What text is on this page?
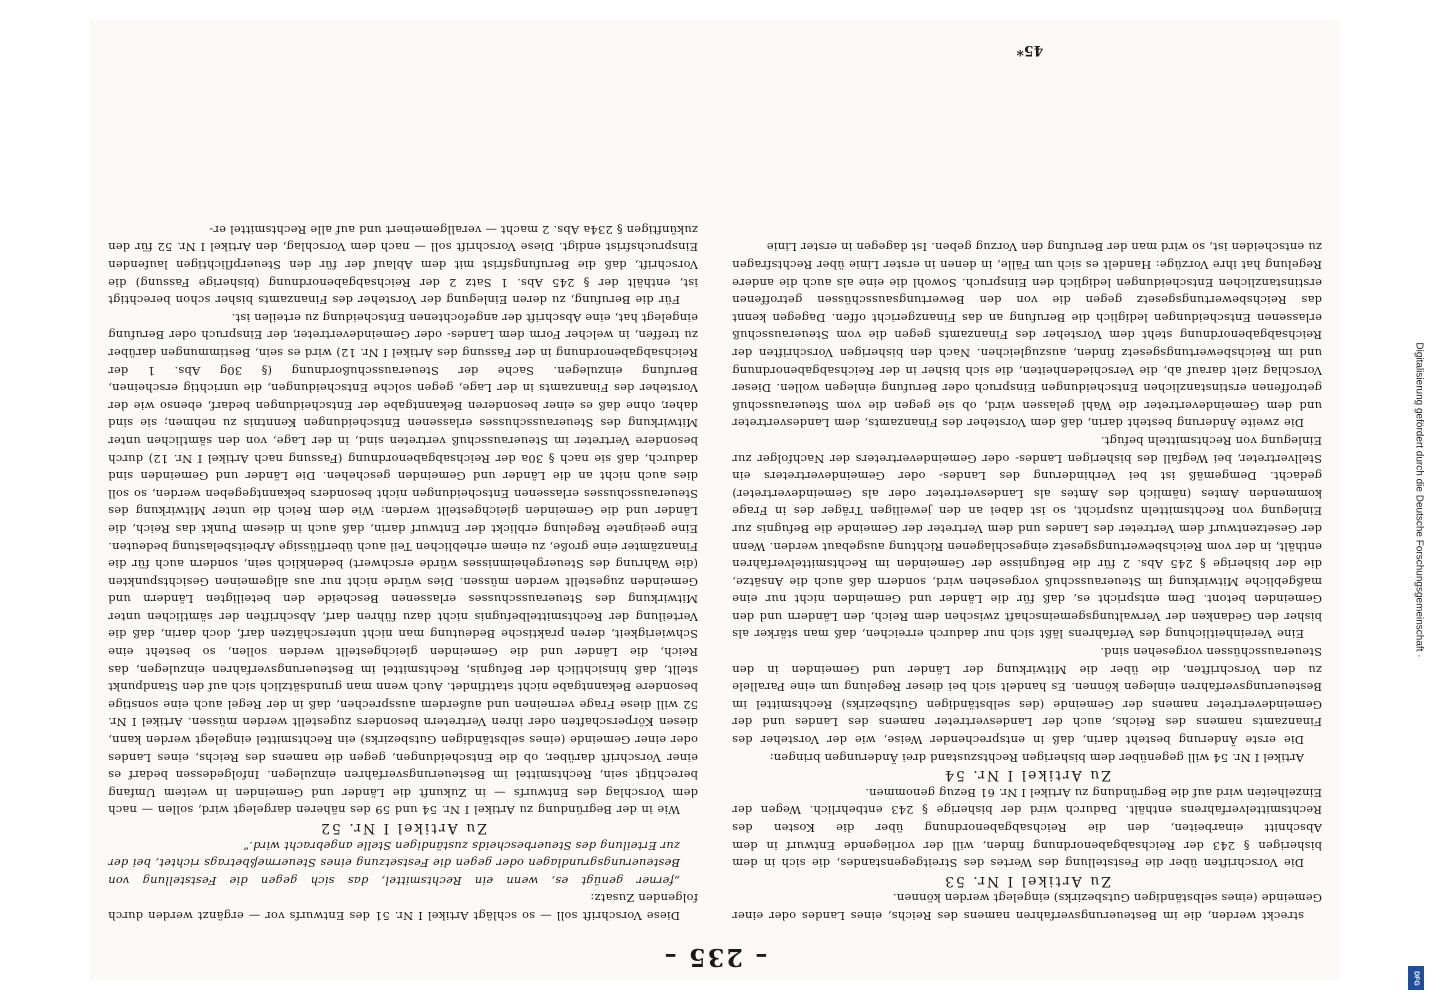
– 235 –

streckt werden, die im Besteuerungsverfahren namens des Reichs, eines Landes oder einer Gemeinde (eines selbständigen Gutsbezirks) eingelegt werden können.

Zu Artikel I Nr. 53

Die Vorschriften über die Feststellung des Wertes des Streitgegenstandes, die sich in dem bisherigen § 243 der Reichsabgabenordnung finden, will der vorliegende Entwurf in dem Abschnitt einarbeiten, den die Reichsabgabenordnung über die Kosten des Rechtsmittelverfahrens enthält. Dadurch wird der bisherige § 243 entbehrlich. Wegen der Einzelheiten wird auf die Begründung zu Artikel I Nr. 61 Bezug genommen.

Zu Artikel I Nr. 54

Artikel I Nr. 54 will gegenüber dem bisherigen Rechtszustand drei Änderungen bringen:

Die erste Änderung besteht darin, daß in entsprechender Weise, wie der Vorsteher des Finanzamts namens des Reichs, auch der Landesvertreter namens des Landes und der Gemeindevertreter namens der Gemeinde (des selbständigen Gutsbezirks) Rechtsmittel im Besteuerungsverfahren einlegen können. Es handelt sich bei dieser Regelung um eine Parallele zu den Vorschriften, die über die Mitwirkung der Länder und Gemeinden in den Steuerausschüssen vorgesehen sind.

Eine Vereinheitlichung des Verfahrens läßt sich nur dadurch erreichen, daß man stärker als bisher den Gedanken der Verwaltungsgemeinschaft zwischen dem Reich, den Ländern und den Gemeinden betont. Dem entspricht es, daß für die Länder und Gemeinden nicht nur eine maßgebliche Mitwirkung im Steuerausschuß vorgesehen wird, sondern daß auch die Ansätze, die der bisherige § 245 Abs. 2 für die Befugnisse der Gemeinden im Rechtsmittelverfahren enthält, in der vom Reichsbewertungsgesetz eingeschlagenen Richtung ausgebaut werden. Wenn der Gesetzentwurf dem Vertreter des Landes und dem Vertreter der Gemeinde die Befugnis zur Einlegung von Rechtsmitteln zuspricht, so ist dabei an den jeweiligen Träger des in Frage kommenden Amtes (nämlich des Amtes als Landesvertreter oder als Gemeindevertreter) gedacht. Demgemäß ist bei Verhinderung des Landes- oder Gemeindevertreters ein Stellvertreter, bei Wegfall des bisherigen Landes- oder Gemeindevertreters der Nachfolger zur Einlegung von Rechtsmitteln befugt.

Die zweite Änderung besteht darin, daß dem Vorsteher des Finanzamts, dem Landesvertreter und dem Gemeindevertreter die Wahl gelassen wird, ob sie gegen die vom Steuerausschuß getroffenen erstinstanzlichen Entscheidungen Einspruch oder Berufung einlegen wollen. Dieser Vorschlag zielt darauf ab, die Verschiedenheiten, die sich bisher in der Reichsabgabenordnung und im Reichsbewertungsgesetz finden, auszugleichen. Nach den bisherigen Vorschriften der Reichsabgabenordnung steht dem Vorsteher des Finanzamts gegen die vom Steuerausschuß erlassenen Entscheidungen lediglich die Berufung an das Finanzgericht offen. Dagegen kennt das Reichsbewertungsgesetz gegen die von den Bewertungsausschüssen getroffenen erstinstanzlichen Entscheidungen lediglich den Einspruch. Sowohl die eine als auch die andere Regelung hat ihre Vorzüge: Handelt es sich um Fälle, in denen in erster Linie über Rechtsfragen zu entscheiden ist, so wird man der Berufung den Vorzug geben. Ist dagegen in erster Linie

Diese Vorschrift soll — so schlägt Artikel I Nr. 51 des Entwurfs vor — ergänzt werden durch folgenden Zusatz:

„ferner genügt es, wenn ein Rechtsmittel, das sich gegen die Feststellung von Besteuerungsgrundlagen oder gegen die Festsetzung eines Steuermeßbetrags richtet, bei der zur Erteilung des Steuerbescheids zuständigen Stelle angebracht wird.“

Zu Artikel I Nr. 52

Wie in der Begründung zu Artikel I Nr. 54 und 59 des näheren dargelegt wird, sollen — nach dem Vorschlag des Entwurfs — in Zukunft die Länder und Gemeinden in weitem Umfang berechtigt sein, Rechtsmittel im Besteuerungsverfahren einzulegen. Infolgedessen bedarf es einer Vorschrift darüber, ob die Entscheidungen, gegen die namens des Reichs, eines Landes oder einer Gemeinde (eines selbständigen Gutsbezirks) ein Rechtsmittel eingelegt werden kann, diesen Körperschaften oder ihren Vertretern besonders zugestellt werden müssen. Artikel I Nr. 52 will diese Frage verneinen und außerdem aussprechen, daß in der Regel auch eine sonstige besondere Bekanntgabe nicht stattfindet. Auch wenn man grundsätzlich sich auf den Standpunkt stellt, daß hinsichtlich der Befugnis, Rechtsmittel im Besteuerungsverfahren einzulegen, das Reich, die Länder und die Gemeinden gleichgestellt werden sollen, so besteht eine Schwierigkeit, deren praktische Bedeutung man nicht unterschätzen darf, doch darin, daß die Verteilung der Rechtsmittelbefugnis nicht dazu führen darf, Abschriften der sämtlichen unter Mitwirkung des Steuerausschusses erlassenen Bescheide den beteiligten Ländern und Gemeinden zugestellt werden müssen. Dies würde nicht nur aus allgemeinen Gesichtspunkten (die Wahrung des Steuergeheimnisses würde erschwert) bedenklich sein, sondern auch für die Finanzämter eine große, zu einem erheblichen Teil auch überflüssige Arbeitsbelastung bedeuten. Eine geeignete Regelung erblickt der Entwurf darin, daß auch in diesem Punkt das Reich, die Länder und die Gemeinden gleichgestellt werden: Wie dem Reich die unter Mitwirkung des Steuerausschusses erlassenen Entscheidungen nicht besonders bekanntgegeben werden, so soll dies auch nicht an die Länder und Gemeinden geschehen. Die Länder und Gemeinden sind dadurch, daß sie nach § 30a der Reichsabgabenordnung (Fassung nach Artikel I Nr. 12) durch besondere Vertreter im Steuerausschuß vertreten sind, in der Lage, von den sämtlichen unter Mitwirkung des Steuerausschusses erlassenen Entscheidungen Kenntnis zu nehmen; sie sind daher, ohne daß es einer besonderen Bekanntgabe der Entscheidungen bedarf, ebenso wie der Vorsteher des Finanzamts in der Lage, gegen solche Entscheidungen, die unrichtig erscheinen, Berufung einzulegen. Sache der Steuerausschußordnung (§ 30g Abs. 1 der Reichsabgabenordnung in der Fassung des Artikel I Nr. 12) wird es sein, Bestimmungen darüber zu treffen, in welcher Form dem Landes- oder Gemeindevertreter, der Einspruch oder Berufung eingelegt hat, eine Abschrift der angefochtenen Entscheidung zu erteilen ist.

Für die Berufung, zu deren Einlegung der Vorsteher des Finanzamts bisher schon berechtigt ist, enthält der § 245 Abs. 1 Satz 2 der Reichsabgabenordnung (bisherige Fassung) die Vorschrift, daß die Berufungsfrist mit dem Ablauf der für den Steuerpflichtigen laufenden Einspruchsfrist endigt. Diese Vorschrift soll — nach dem Vorschlag, den Artikel I Nr. 52 für den zukünftigen § 234a Abs. 2 macht — verallgemeinert und auf alle Rechtsmittel er-

45*
Digitalisierung gefördert durch die Deutsche Forschungsgemeinschaft ·
DFG
